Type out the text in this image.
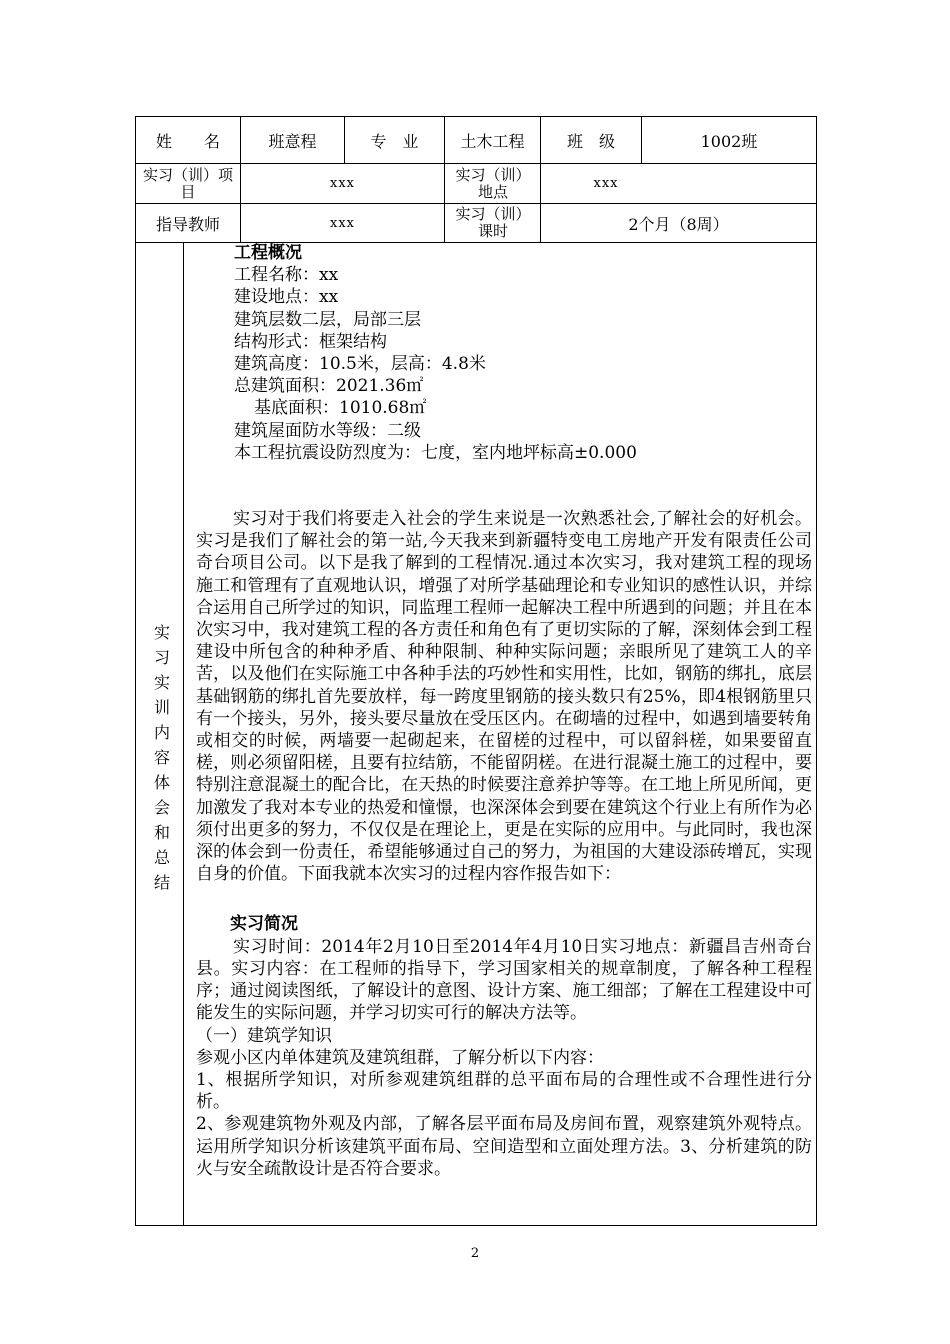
姓　　名	班意程	专　业	土木工程	班　级	1002班
实习（训）项目	xxx	实习（训）地点	xxx
指导教师	xxx	实习（训）课时	2个月（8周）
实习实训内容体会和总结

工程概况

工程名称：xx

建设地点：xx

建筑层数二层，局部三层

结构形式：框架结构

建筑高度：10.5米，层高：4.8米

总建筑面积：2021.36㎡

基底面积：1010.68㎡

建筑屋面防水等级：二级

本工程抗震设防烈度为：七度，室内地坪标高±0.000

实习对于我们将要走入社会的学生来说是一次熟悉社会,了解社会的好机会。实习是我们了解社会的第一站,今天我来到新疆特变电工房地产开发有限责任公司奇台项目公司。以下是我了解到的工程情况.通过本次实习，我对建筑工程的现场施工和管理有了直观地认识，增强了对所学基础理论和专业知识的感性认识，并综合运用自己所学过的知识，同监理工程师一起解决工程中所遇到的问题；并且在本次实习中，我对建筑工程的各方责任和角色有了更切实际的了解，深刻体会到工程建设中所包含的种种矛盾、种种限制、种种实际问题；亲眼所见了建筑工人的辛苦，以及他们在实际施工中各种手法的巧妙性和实用性，比如，钢筋的绑扎，底层基础钢筋的绑扎首先要放样，每一跨度里钢筋的接头数只有25%，即4根钢筋里只有一个接头，另外，接头要尽量放在受压区内。在砌墙的过程中，如遇到墙要转角或相交的时候，两墙要一起砌起来，在留槎的过程中，可以留斜槎，如果要留直槎，则必须留阳槎，且要有拉结筋，不能留阴槎。在进行混凝土施工的过程中，要特别注意混凝土的配合比，在天热的时候要注意养护等等。在工地上所见所闻，更加激发了我对本专业的热爱和憧憬，也深深体会到要在建筑这个行业上有所作为必须付出更多的努力，不仅仅是在理论上，更是在实际的应用中。与此同时，我也深深的体会到一份责任，希望能够通过自己的努力，为祖国的大建设添砖增瓦，实现自身的价值。下面我就本次实习的过程内容作报告如下：

实习简况

实习时间：2014年2月10日至2014年4月10日实习地点：新疆昌吉州奇台县。实习内容：在工程师的指导下，学习国家相关的规章制度，了解各种工程程序；通过阅读图纸，了解设计的意图、设计方案、施工细部；了解在工程建设中可能发生的实际问题，并学习切实可行的解决方法等。

（一）建筑学知识

参观小区内单体建筑及建筑组群，了解分析以下内容：

1、根据所学知识，对所参观建筑组群的总平面布局的合理性或不合理性进行分析。

2、参观建筑物外观及内部，了解各层平面布局及房间布置，观察建筑外观特点。运用所学知识分析该建筑平面布局、空间造型和立面处理方法。3、分析建筑的防火与安全疏散设计是否符合要求。

2
